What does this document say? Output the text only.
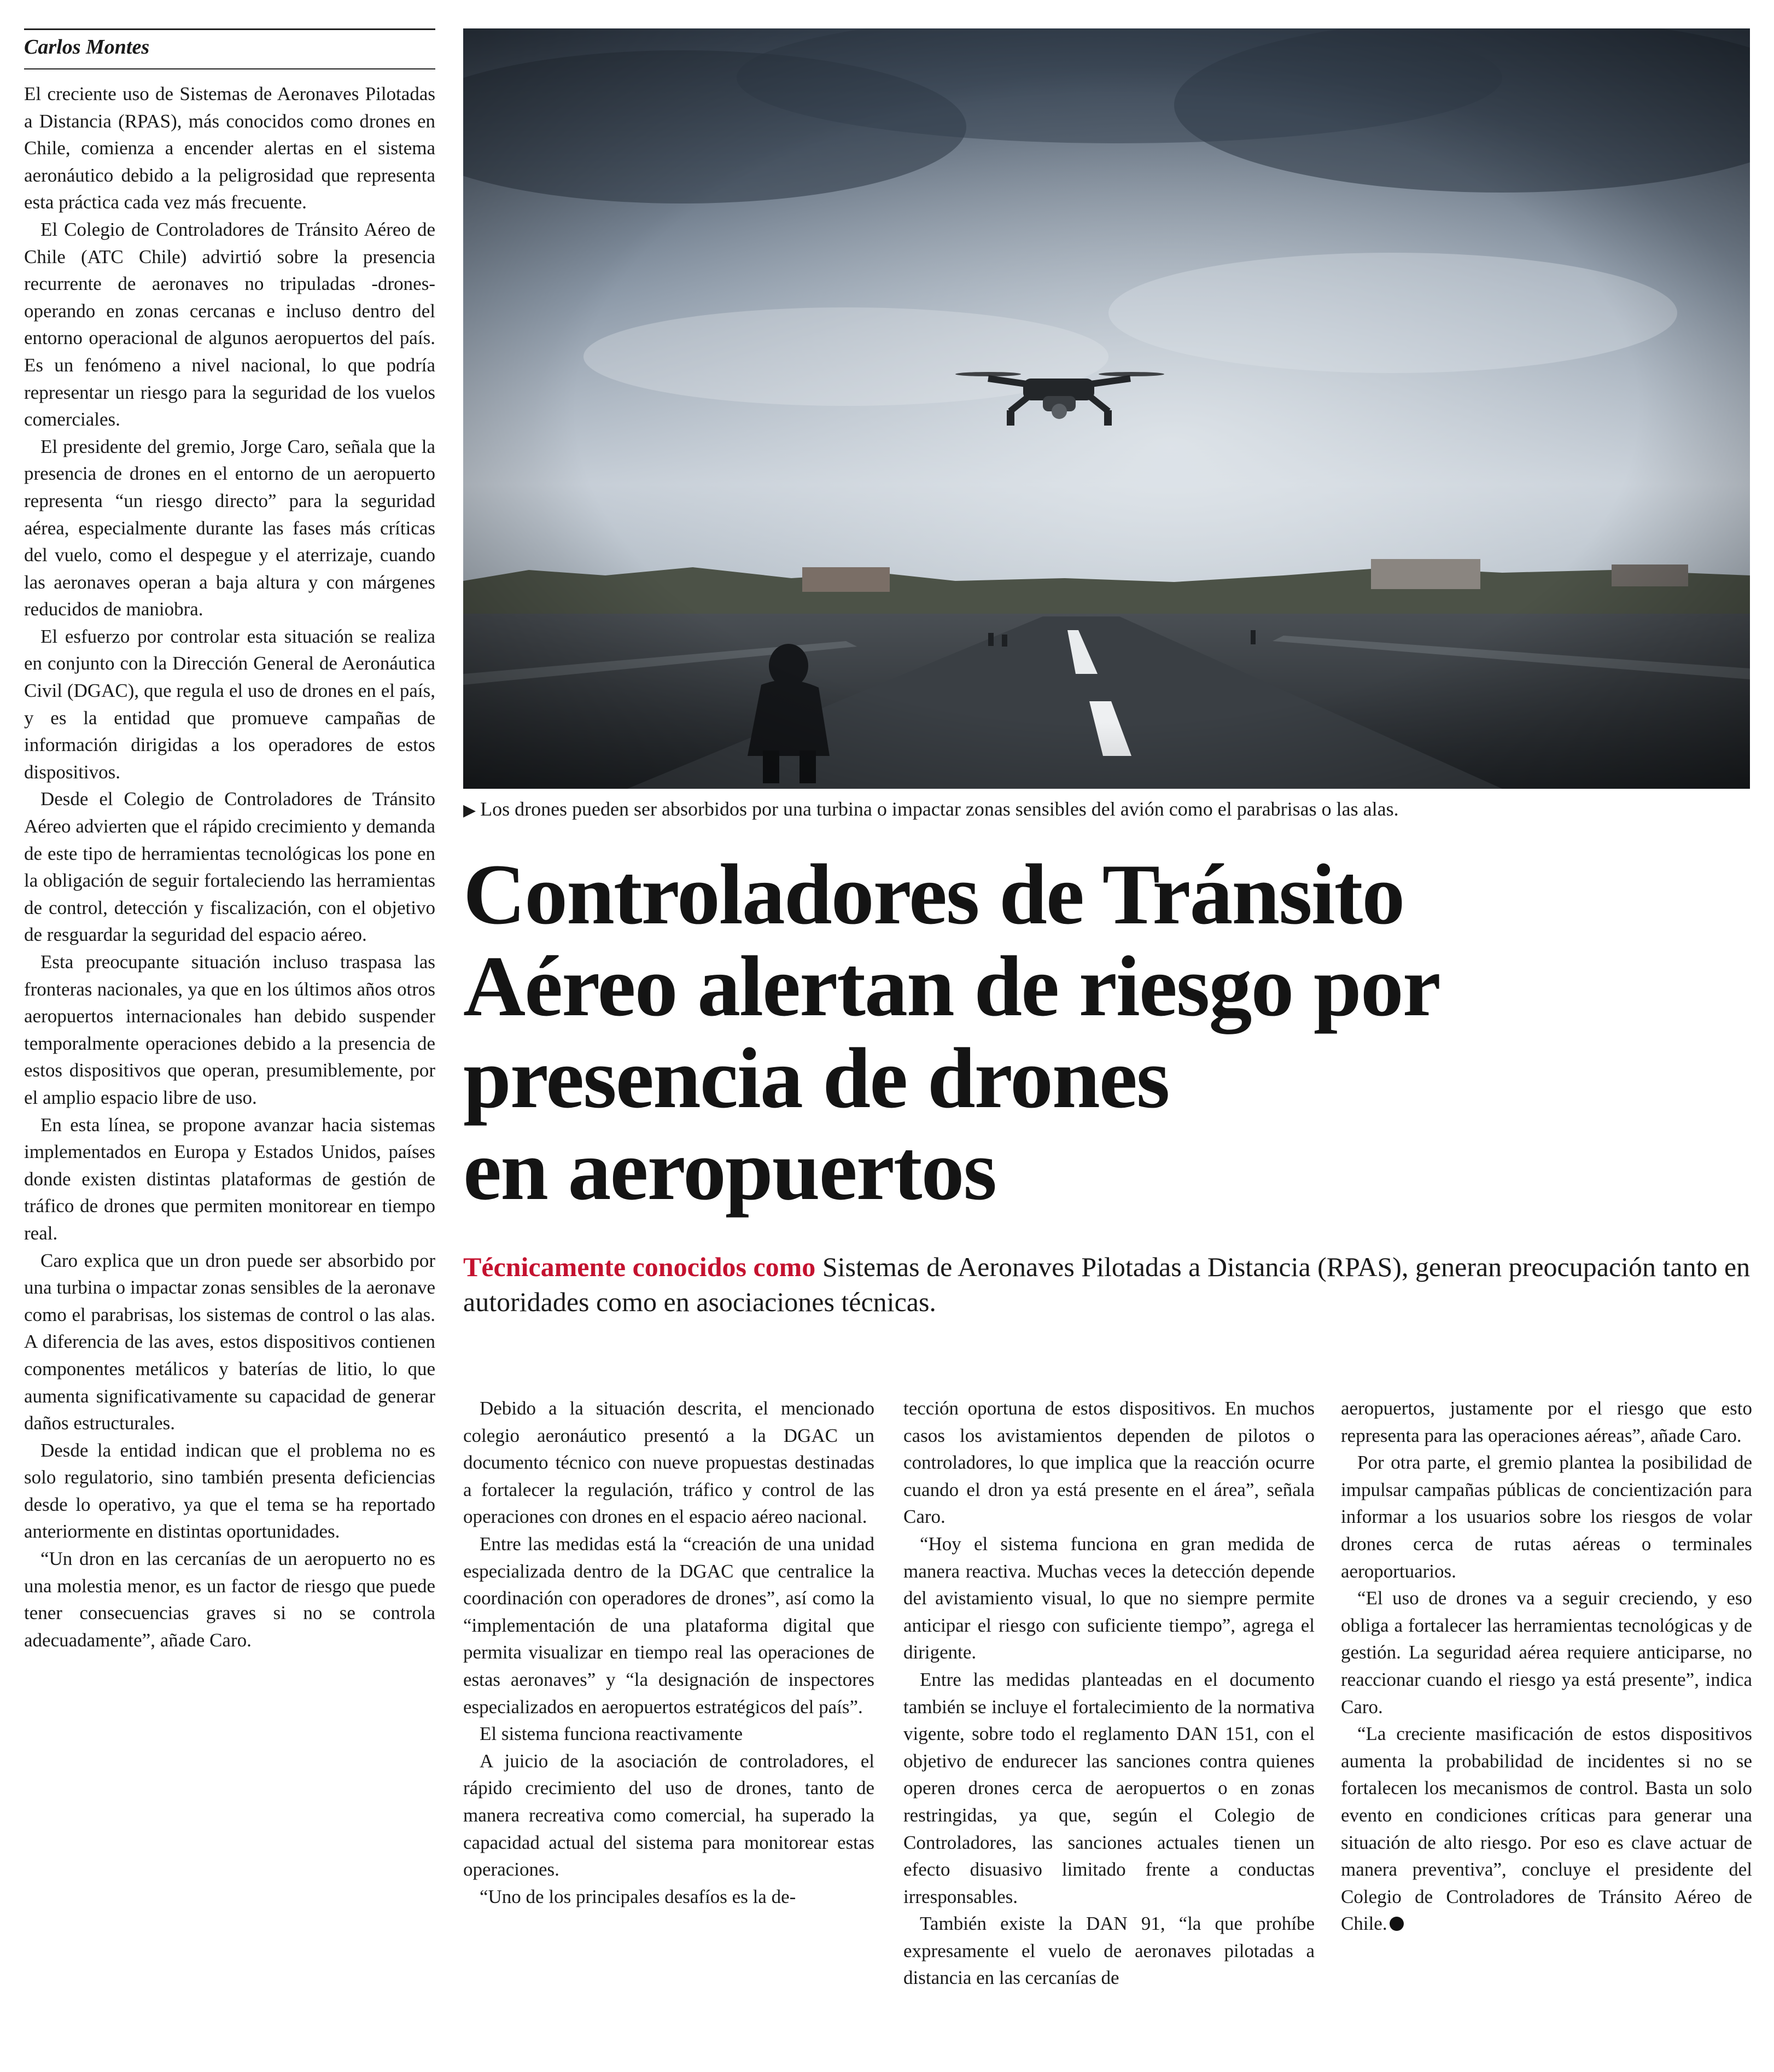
Carlos Montes

El creciente uso de Sistemas de Aeronaves Pilotadas a Distancia (RPAS), más conocidos como drones en Chile, comienza a encender alertas en el sistema aeronáutico debido a la peligrosidad que representa esta práctica cada vez más frecuente.

El Colegio de Controladores de Tránsito Aéreo de Chile (ATC Chile) advirtió sobre la presencia recurrente de aeronaves no tripuladas -drones- operando en zonas cercanas e incluso dentro del entorno operacional de algunos aeropuertos del país. Es un fenómeno a nivel nacional, lo que podría representar un riesgo para la seguridad de los vuelos comerciales.

El presidente del gremio, Jorge Caro, señala que la presencia de drones en el entorno de un aeropuerto representa “un riesgo directo” para la seguridad aérea, especialmente durante las fases más críticas del vuelo, como el despegue y el aterrizaje, cuando las aeronaves operan a baja altura y con márgenes reducidos de maniobra.

El esfuerzo por controlar esta situación se realiza en conjunto con la Dirección General de Aeronáutica Civil (DGAC), que regula el uso de drones en el país, y es la entidad que promueve campañas de información dirigidas a los operadores de estos dispositivos.

Desde el Colegio de Controladores de Tránsito Aéreo advierten que el rápido crecimiento y demanda de este tipo de herramientas tecnológicas los pone en la obligación de seguir fortaleciendo las herramientas de control, detección y fiscalización, con el objetivo de resguardar la seguridad del espacio aéreo.

Esta preocupante situación incluso traspasa las fronteras nacionales, ya que en los últimos años otros aeropuertos internacionales han debido suspender temporalmente operaciones debido a la presencia de estos dispositivos que operan, presumiblemente, por el amplio espacio libre de uso.

En esta línea, se propone avanzar hacia sistemas implementados en Europa y Estados Unidos, países donde existen distintas plataformas de gestión de tráfico de drones que permiten monitorear en tiempo real.

Caro explica que un dron puede ser absorbido por una turbina o impactar zonas sensibles de la aeronave como el parabrisas, los sistemas de control o las alas. A diferencia de las aves, estos dispositivos contienen componentes metálicos y baterías de litio, lo que aumenta significativamente su capacidad de generar daños estructurales.

Desde la entidad indican que el problema no es solo regulatorio, sino también presenta deficiencias desde lo operativo, ya que el tema se ha reportado anteriormente en distintas oportunidades.

“Un dron en las cercanías de un aeropuerto no es una molestia menor, es un factor de riesgo que puede tener consecuencias graves si no se controla adecuadamente”, añade Caro.

▶ Los drones pueden ser absorbidos por una turbina o impactar zonas sensibles del avión como el parabrisas o las alas.
Controladores de Tránsito
Aéreo alertan de riesgo por
presencia de drones
en aeropuertos
Técnicamente conocidos como Sistemas de Aeronaves Pilotadas a Distancia (RPAS), generan preocupación tanto en autoridades como en asociaciones técnicas.

Debido a la situación descrita, el mencionado colegio aeronáutico presentó a la DGAC un documento técnico con nueve propuestas destinadas a fortalecer la regulación, tráfico y control de las operaciones con drones en el espacio aéreo nacional.

Entre las medidas está la “creación de una unidad especializada dentro de la DGAC que centralice la coordinación con operadores de drones”, así como la “implementación de una plataforma digital que permita visualizar en tiempo real las operaciones de estas aeronaves” y “la designación de inspectores especializados en aeropuertos estratégicos del país”.

El sistema funciona reactivamente

A juicio de la asociación de controladores, el rápido crecimiento del uso de drones, tanto de manera recreativa como comercial, ha superado la capacidad actual del sistema para monitorear estas operaciones.

“Uno de los principales desafíos es la de-

tección oportuna de estos dispositivos. En muchos casos los avistamientos dependen de pilotos o controladores, lo que implica que la reacción ocurre cuando el dron ya está presente en el área”, señala Caro.

“Hoy el sistema funciona en gran medida de manera reactiva. Muchas veces la detección depende del avistamiento visual, lo que no siempre permite anticipar el riesgo con suficiente tiempo”, agrega el dirigente.

Entre las medidas planteadas en el documento también se incluye el fortalecimiento de la normativa vigente, sobre todo el reglamento DAN 151, con el objetivo de endurecer las sanciones contra quienes operen drones cerca de aeropuertos o en zonas restringidas, ya que, según el Colegio de Controladores, las sanciones actuales tienen un efecto disuasivo limitado frente a conductas irresponsables.

También existe la DAN 91, “la que prohíbe expresamente el vuelo de aeronaves pilotadas a distancia en las cercanías de

aeropuertos, justamente por el riesgo que esto representa para las operaciones aéreas”, añade Caro.

Por otra parte, el gremio plantea la posibilidad de impulsar campañas públicas de concientización para informar a los usuarios sobre los riesgos de volar drones cerca de rutas aéreas o terminales aeroportuarios.

“El uso de drones va a seguir creciendo, y eso obliga a fortalecer las herramientas tecnológicas y de gestión. La seguridad aérea requiere anticiparse, no reaccionar cuando el riesgo ya está presente”, indica Caro.

“La creciente masificación de estos dispositivos aumenta la probabilidad de incidentes si no se fortalecen los mecanismos de control. Basta un solo evento en condiciones críticas para generar una situación de alto riesgo. Por eso es clave actuar de manera preventiva”, concluye el presidente del Colegio de Controladores de Tránsito Aéreo de Chile.
